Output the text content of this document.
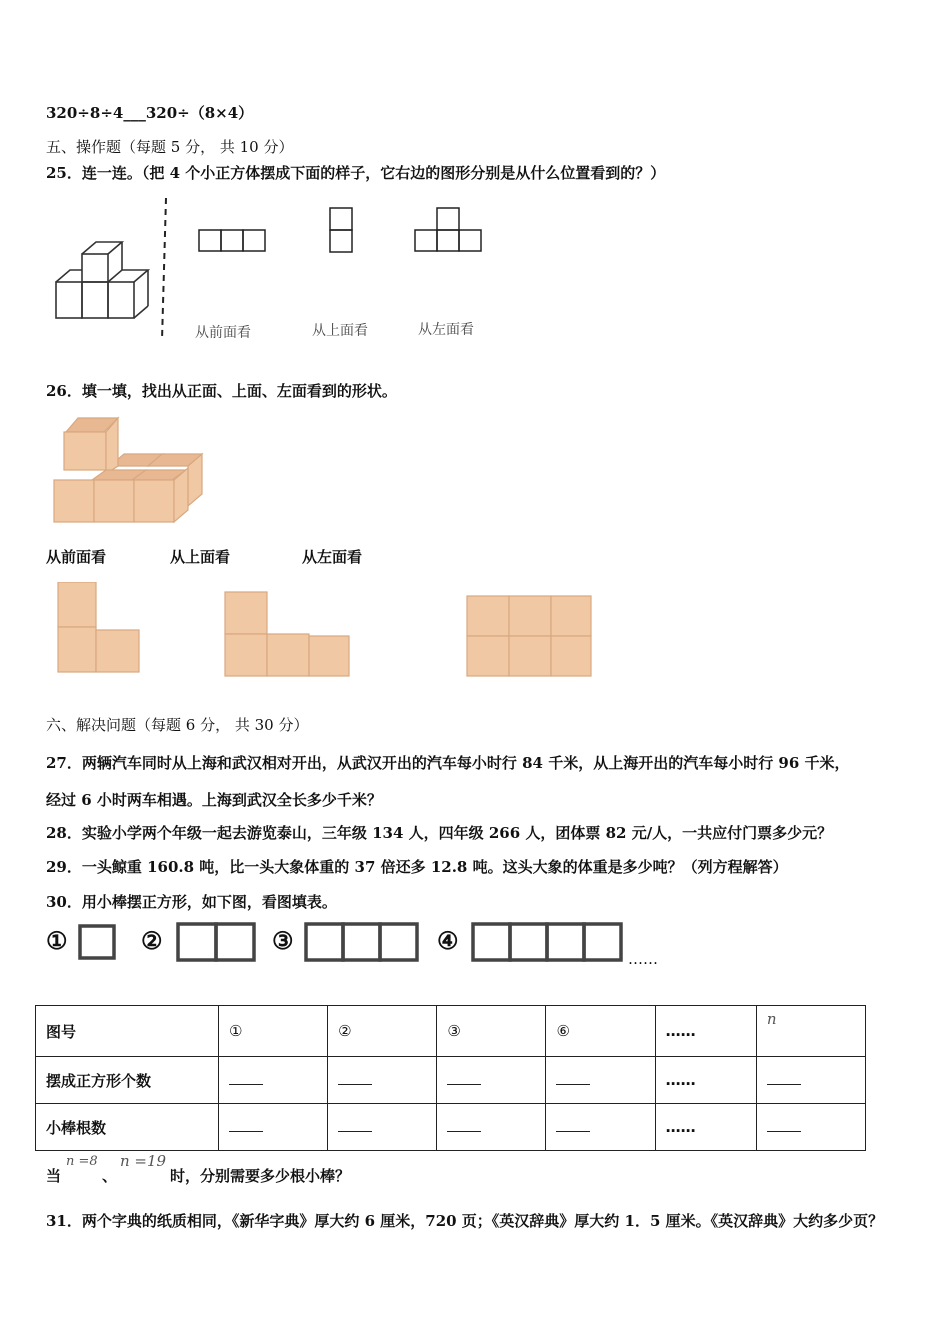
320÷8÷4___320÷（8×4）
五、操作题（每题 5 分， 共 10 分）
25．连一连。（把 4 个小正方体摆成下面的样子，它右边的图形分别是从什么位置看到的？）
从前面看	从上面看	从左面看
26．填一填，找出从正面、上面、左面看到的形状。
从前面看	从上面看	从左面看
六、解决问题（每题 6 分， 共 30 分）
27．两辆汽车同时从上海和武汉相对开出，从武汉开出的汽车每小时行 84 千米，从上海开出的汽车每小时行 96 千米，
经过 6 小时两车相遇。上海到武汉全长多少千米？
28．实验小学两个年级一起去游览泰山，三年级 134 人，四年级 266 人，团体票 82 元/人，一共应付门票多少元？
29．一头鲸重 160.8 吨，比一头大象体重的 37 倍还多 12.8 吨。这头大象的体重是多少吨？（列方程解答）
30．用小棒摆正方形，如下图，看图填表。
①	②	③	④
……
图号	①	②	③	⑥	……	n
摆成正方形个数					……	
小棒根数					……	
当
n =8
、
n =19
时，分别需要多少根小棒？
31．两个字典的纸质相同，《新华字典》厚大约 6 厘米，720 页；《英汉辞典》厚大约 1．5 厘米。《英汉辞典》大约多少页？
